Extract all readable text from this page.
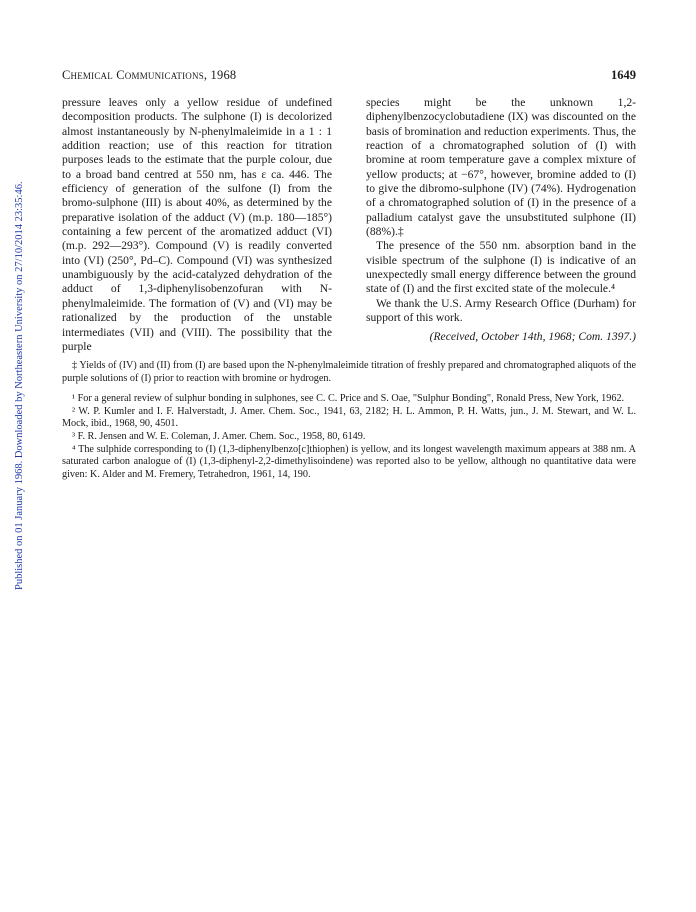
Published on 01 January 1968. Downloaded by Northeastern University on 27/10/2014 23:35:46.
Chemical Communications, 1968	1649

pressure leaves only a yellow residue of undefined decomposition products. The sulphone (I) is decolorized almost instantaneously by N-phenylmaleimide in a 1 : 1 addition reaction; use of this reaction for titration purposes leads to the estimate that the purple colour, due to a broad band centred at 550 nm, has ε ca. 446. The efficiency of generation of the sulfone (I) from the bromo-sulphone (III) is about 40%, as determined by the preparative isolation of the adduct (V) (m.p. 180—185°) containing a few percent of the aromatized adduct (VI) (m.p. 292—293°). Compound (V) is readily converted into (VI) (250°, Pd–C). Compound (VI) was synthesized unambiguously by the acid-catalyzed dehydration of the adduct of 1,3-diphenylisobenzofuran with N-phenylmaleimide. The formation of (V) and (VI) may be rationalized by the production of the unstable intermediates (VII) and (VIII). The possibility that the purple

species might be the unknown 1,2-diphenylbenzocyclobutadiene (IX) was discounted on the basis of bromination and reduction experiments. Thus, the reaction of a chromatographed solution of (I) with bromine at room temperature gave a complex mixture of yellow products; at −67°, however, bromine added to (I) to give the dibromo-sulphone (IV) (74%). Hydrogenation of a chromatographed solution of (I) in the presence of a palladium catalyst gave the unsubstituted sulphone (II) (88%).‡

The presence of the 550 nm. absorption band in the visible spectrum of the sulphone (I) is indicative of an unexpectedly small energy difference between the ground state of (I) and the first excited state of the molecule.⁴

We thank the U.S. Army Research Office (Durham) for support of this work.

(Received, October 14th, 1968; Com. 1397.)

‡ Yields of (IV) and (II) from (I) are based upon the N-phenylmaleimide titration of freshly prepared and chromatographed aliquots of the purple solutions of (I) prior to reaction with bromine or hydrogen.

¹ For a general review of sulphur bonding in sulphones, see C. C. Price and S. Oae, "Sulphur Bonding", Ronald Press, New York, 1962.

² W. P. Kumler and I. F. Halverstadt, J. Amer. Chem. Soc., 1941, 63, 2182; H. L. Ammon, P. H. Watts, jun., J. M. Stewart, and W. L. Mock, ibid., 1968, 90, 4501.

³ F. R. Jensen and W. E. Coleman, J. Amer. Chem. Soc., 1958, 80, 6149.

⁴ The sulphide corresponding to (I) (1,3-diphenylbenzo[c]thiophen) is yellow, and its longest wavelength maximum appears at 388 nm. A saturated carbon analogue of (I) (1,3-diphenyl-2,2-dimethylisoindene) was reported also to be yellow, although no quantitative data were given: K. Alder and M. Fremery, Tetrahedron, 1961, 14, 190.
